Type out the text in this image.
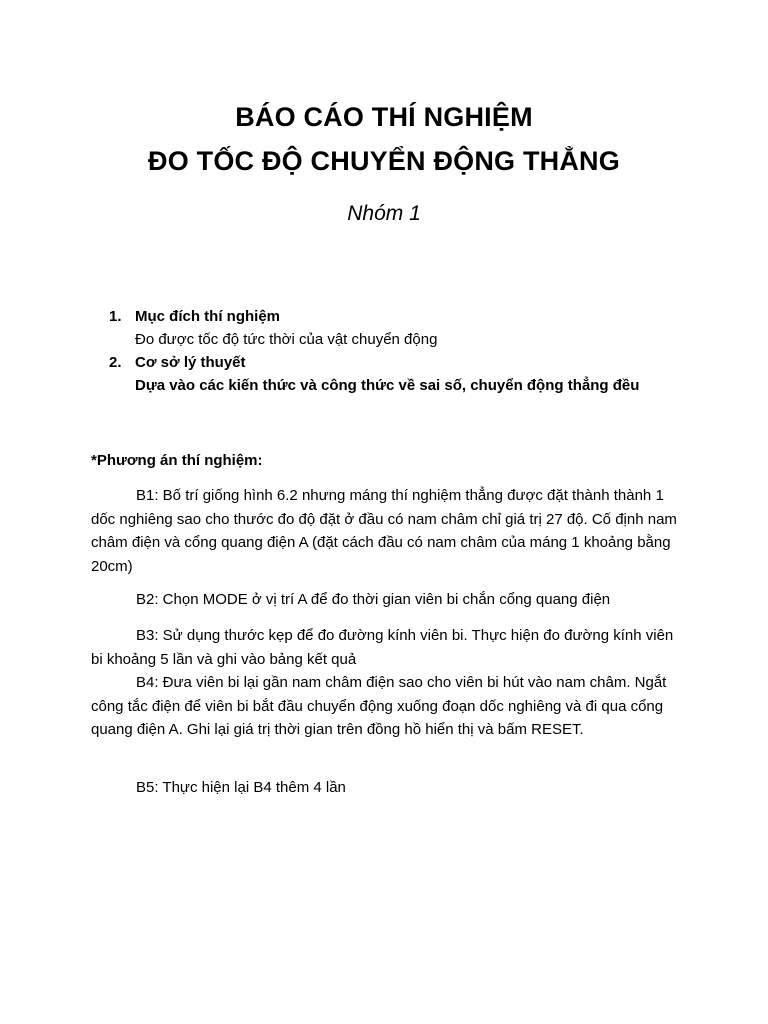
BÁO CÁO THÍ NGHIỆM
ĐO TỐC ĐỘ CHUYỂN ĐỘNG THẲNG
Nhóm 1
1. Mục đích thí nghiệm
Đo được tốc độ tức thời của vật chuyển động
2. Cơ sở lý thuyết
Dựa vào các kiến thức và công thức về sai số, chuyển động thẳng đều
*Phương án thí nghiệm:
B1: Bố trí giống hình 6.2 nhưng máng thí nghiệm thẳng được đặt thành thành 1 dốc nghiêng sao cho thước đo độ đặt ở đầu có nam châm chỉ giá trị 27 độ. Cố định nam châm điện và cổng quang điện A (đặt cách đầu có nam châm của máng 1 khoảng bằng 20cm)
B2: Chọn MODE ở vị trí A để đo thời gian viên bi chắn cổng quang điện
B3: Sử dụng thước kẹp để đo đường kính viên bi. Thực hiện đo đường kính viên bi khoảng 5 lần và ghi vào bảng kết quả
B4: Đưa viên bi lại gần nam châm điện sao cho viên bi hút vào nam châm. Ngắt công tắc điện để viên bi bắt đầu chuyển động xuống đoạn dốc nghiêng và đi qua cổng quang điện A. Ghi lại giá trị thời gian trên đồng hồ hiển thị và bấm RESET.
B5: Thực hiện lại B4 thêm 4 lần
